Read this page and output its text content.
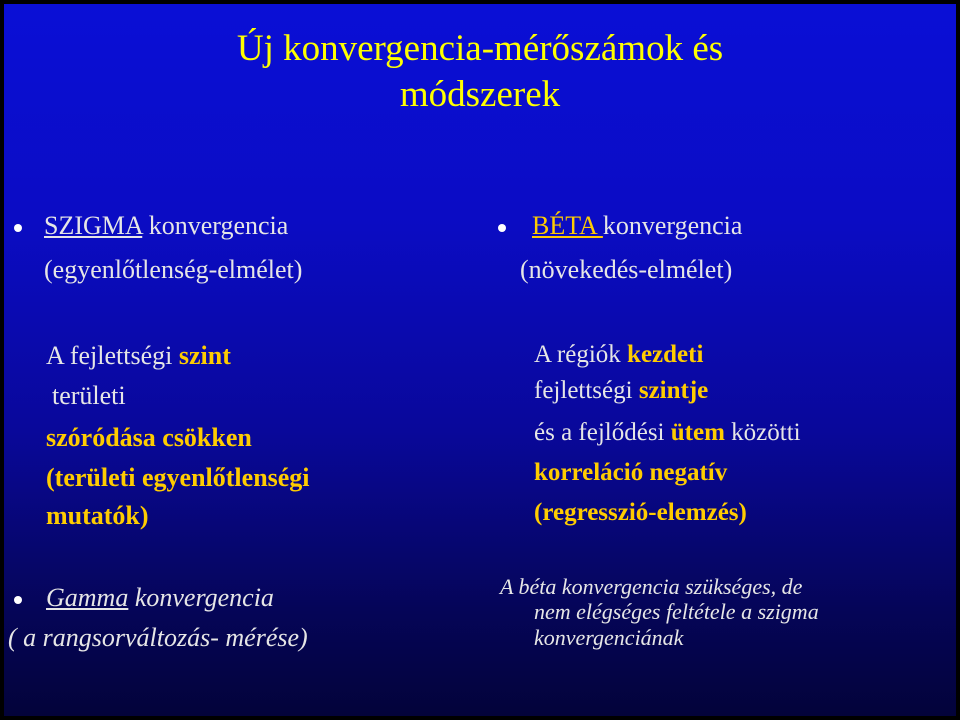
Új konvergencia-mérőszámok és
módszerek
SZIGMA konvergencia
(egyenlőtlenség-elmélet)
A fejlettségi szint
területi
szóródása csökken
(területi egyenlőtlenségi
mutatók)
Gamma konvergencia
( a rangsorváltozás- mérése)
BÉTA konvergencia
(növekedés-elmélet)
A régiók kezdeti
fejlettségi szintje
és a fejlődési ütem közötti
korreláció negatív
(regresszió-elemzés)
A béta konvergencia szükséges, de
nem elégséges feltétele a szigma
konvergenciának
